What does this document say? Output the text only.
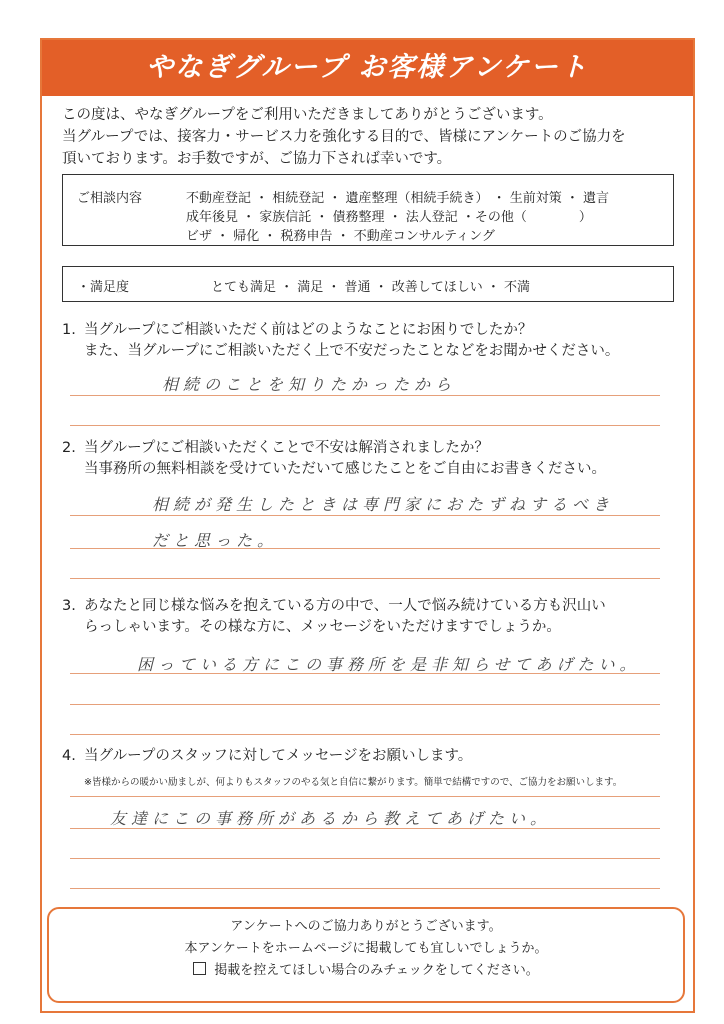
やなぎグループ お客様アンケート
この度は、やなぎグループをご利用いただきましてありがとうございます。
当グループでは、接客力・サービス力を強化する目的で、皆様にアンケートのご協力を
頂いております。お手数ですが、ご協力下されば幸いです。
ご相談内容	不動産登記 ・ 相続登記 ・ 遺産整理（相続手続き） ・ 生前対策 ・ 遺言
成年後見 ・ 家族信託 ・ 債務整理 ・ 法人登記 ・その他（　　　　）
ビザ ・ 帰化 ・ 税務申告 ・ 不動産コンサルティング
・満足度	とても満足 ・ 満足 ・ 普通 ・ 改善してほしい ・ 不満
1. 当グループにご相談いただく前はどのようなことにお困りでしたか？
また、当グループにご相談いただく上で不安だったことなどをお聞かせください。
相続のことを知りたかったから
2. 当グループにご相談いただくことで不安は解消されましたか？
当事務所の無料相談を受けていただいて感じたことをご自由にお書きください。
相続が発生したときは専門家におたずねするべき
だと思った。
3. あなたと同じ様な悩みを抱えている方の中で、一人で悩み続けている方も沢山い
らっしゃいます。その様な方に、メッセージをいただけますでしょうか。
困っている方にこの事務所を是非知らせてあげたい。
4. 当グループのスタッフに対してメッセージをお願いします。
※皆様からの暖かい励ましが、何よりもスタッフのやる気と自信に繋がります。簡単で結構ですので、ご協力をお願いします。
友達にこの事務所があるから教えてあげたい。
アンケートへのご協力ありがとうございます。
本アンケートをホームページに掲載しても宜しいでしょうか。
掲載を控えてほしい場合のみチェックをしてください。
